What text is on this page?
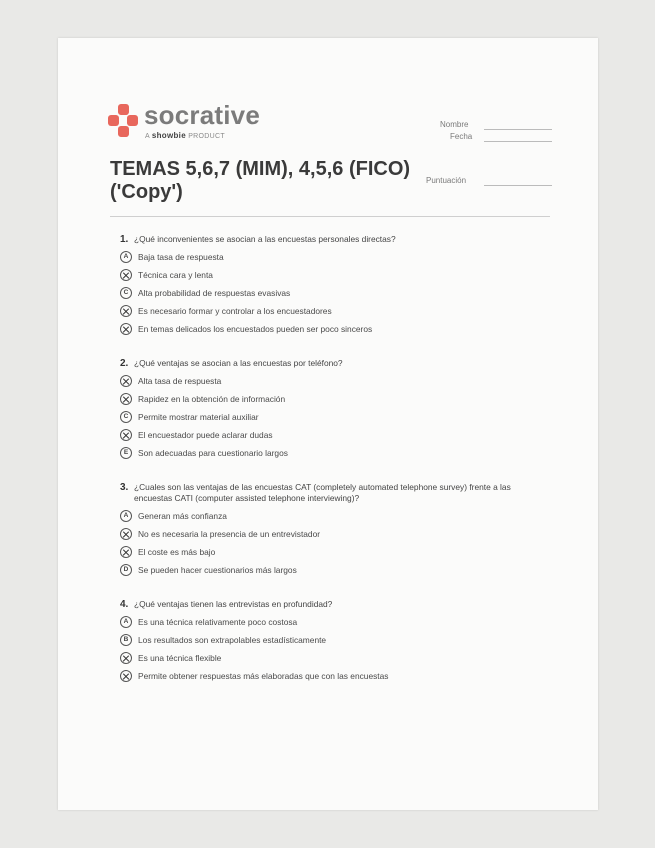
socrative
A showbie PRODUCT
Nombre
Fecha
Puntuación
TEMAS 5,6,7 (MIM), 4,5,6 (FICO) ('Copy')
1. ¿Qué inconvenientes se asocian a las encuestas personales directas?
A	Baja tasa de respuesta
Técnica cara y lenta
C	Alta probabilidad de respuestas evasivas
Es necesario formar y controlar a los encuestadores
En temas delicados los encuestados pueden ser poco sinceros
2. ¿Qué ventajas se asocian a las encuestas por teléfono?
Alta tasa de respuesta
Rapidez en la obtención de información
C	Permite mostrar material auxiliar
El encuestador puede aclarar dudas
E	Son adecuadas para cuestionario largos
3. ¿Cuales son las ventajas de las encuestas CAT (completely automated telephone survey) frente a las encuestas CATI (computer assisted telephone interviewing)?
A	Generan más confianza
No es necesaria la presencia de un entrevistador
El coste es más bajo
D	Se pueden hacer cuestionarios más largos
4. ¿Qué ventajas tienen las entrevistas en profundidad?
A	Es una técnica relativamente poco costosa
B	Los resultados son extrapolables estadísticamente
Es una técnica flexible
Permite obtener respuestas más elaboradas que con las encuestas
